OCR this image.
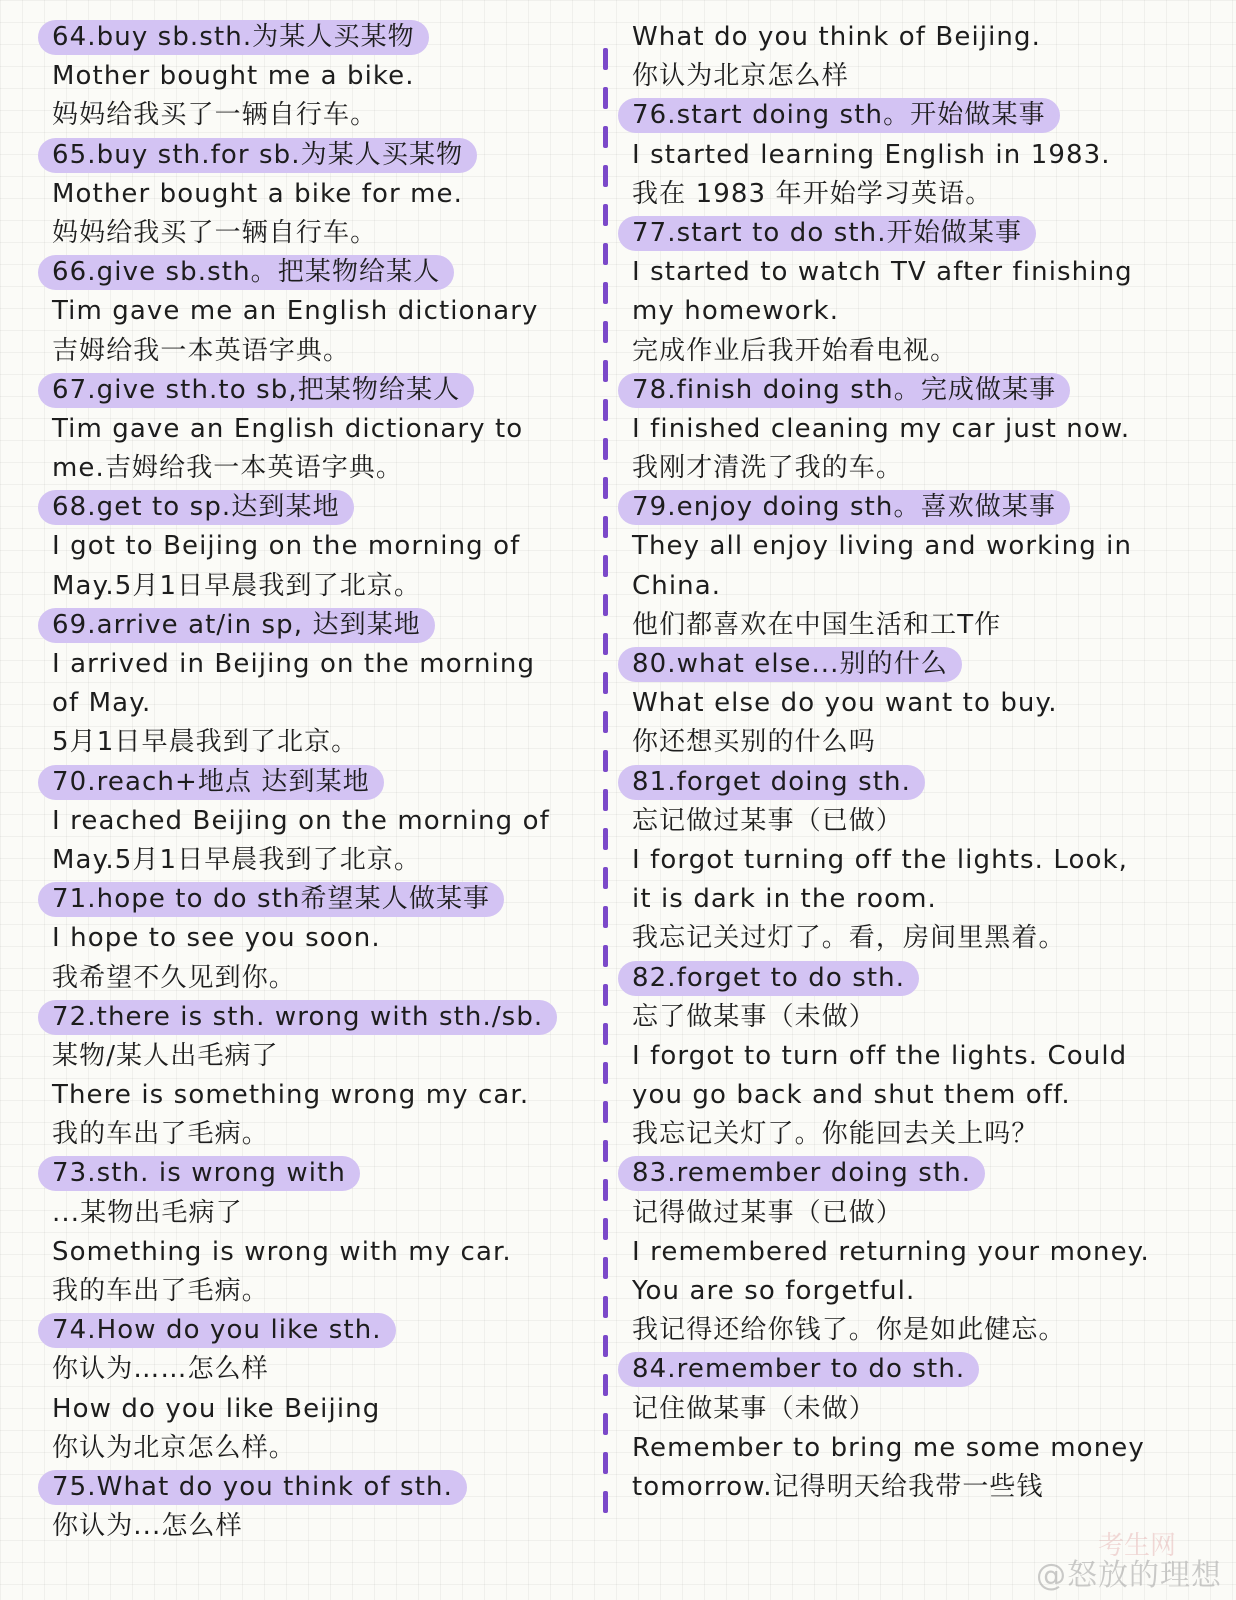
64.buy sb.sth.为某人买某物
Mother bought me a bike.
妈妈给我买了一辆自行车。
65.buy sth.for sb.为某人买某物
Mother bought a bike for me.
妈妈给我买了一辆自行车。
66.give sb.sth。把某物给某人
Tim gave me an English dictionary
吉姆给我一本英语字典。
67.give sth.to sb,把某物给某人
Tim gave an English dictionary to
me.吉姆给我一本英语字典。
68.get to sp.达到某地
I got to Beijing on the morning of
May.5月1日早晨我到了北京。
69.arrive at/in sp, 达到某地
I arrived in Beijing on the morning
of May.
5月1日早晨我到了北京。
70.reach+地点 达到某地
I reached Beijing on the morning of
May.5月1日早晨我到了北京。
71.hope to do sth希望某人做某事
I hope to see you soon.
我希望不久见到你。
72.there is sth. wrong with sth./sb.
某物/某人出毛病了
There is something wrong my car.
我的车出了毛病。
73.sth. is wrong with
...某物出毛病了
Something is wrong with my car.
我的车出了毛病。
74.How do you like sth.
你认为……怎么样
How do you like Beijing
你认为北京怎么样。
75.What do you think of sth.
你认为...怎么样
What do you think of Beijing.
你认为北京怎么样
76.start doing sth。开始做某事
I started learning English in 1983.
我在 1983 年开始学习英语。
77.start to do sth.开始做某事
I started to watch TV after finishing
my homework.
完成作业后我开始看电视。
78.finish doing sth。完成做某事
I finished cleaning my car just now.
我刚才清洗了我的车。
79.enjoy doing sth。喜欢做某事
They all enjoy living and working in
China.
他们都喜欢在中国生活和工T作
80.what else...别的什么
What else do you want to buy.
你还想买别的什么吗
81.forget doing sth.
忘记做过某事（已做）
I forgot turning off the lights. Look,
it is dark in the room.
我忘记关过灯了。看，房间里黑着。
82.forget to do sth.
忘了做某事（未做）
I forgot to turn off the lights. Could
you go back and shut them off.
我忘记关灯了。你能回去关上吗？
83.remember doing sth.
记得做过某事（已做）
I remembered returning your money.
You are so forgetful.
我记得还给你钱了。你是如此健忘。
84.remember to do sth.
记住做某事（未做）
Remember to bring me some money
tomorrow.记得明天给我带一些钱
考生网
@怒放的理想
